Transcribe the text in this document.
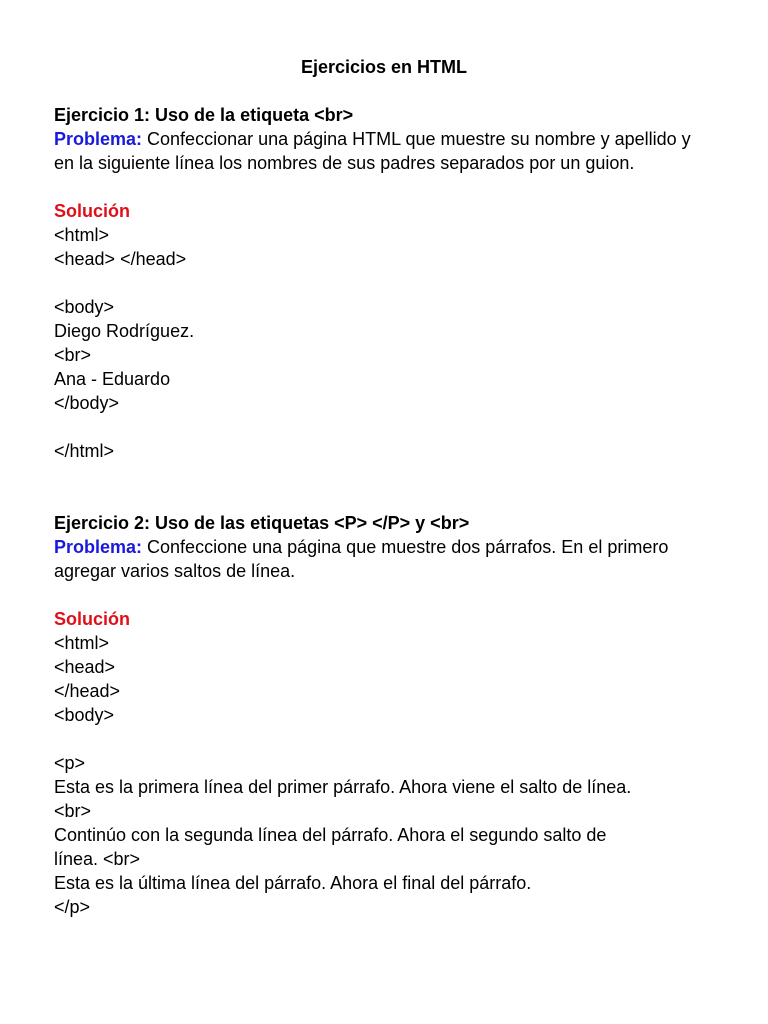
Ejercicios en HTML
Ejercicio 1: Uso de la etiqueta <br>
Problema: Confeccionar una página HTML que muestre su nombre y apellido y en la siguiente línea los nombres de sus padres separados por un guion.
Solución
<html>
<head> </head>
<body>
Diego Rodríguez.
<br>
Ana - Eduardo
</body>
</html>
Ejercicio 2: Uso de las etiquetas <P> </P> y <br>
Problema: Confeccione una página que muestre dos párrafos. En el primero agregar varios saltos de línea.
Solución
<html>
<head>
</head>
<body>
<p>
Esta es la primera línea del primer párrafo. Ahora viene el salto de línea.
<br>
Continúo con la segunda línea del párrafo. Ahora el segundo salto de
línea. <br>
Esta es la última línea del párrafo. Ahora el final del párrafo.
</p>
